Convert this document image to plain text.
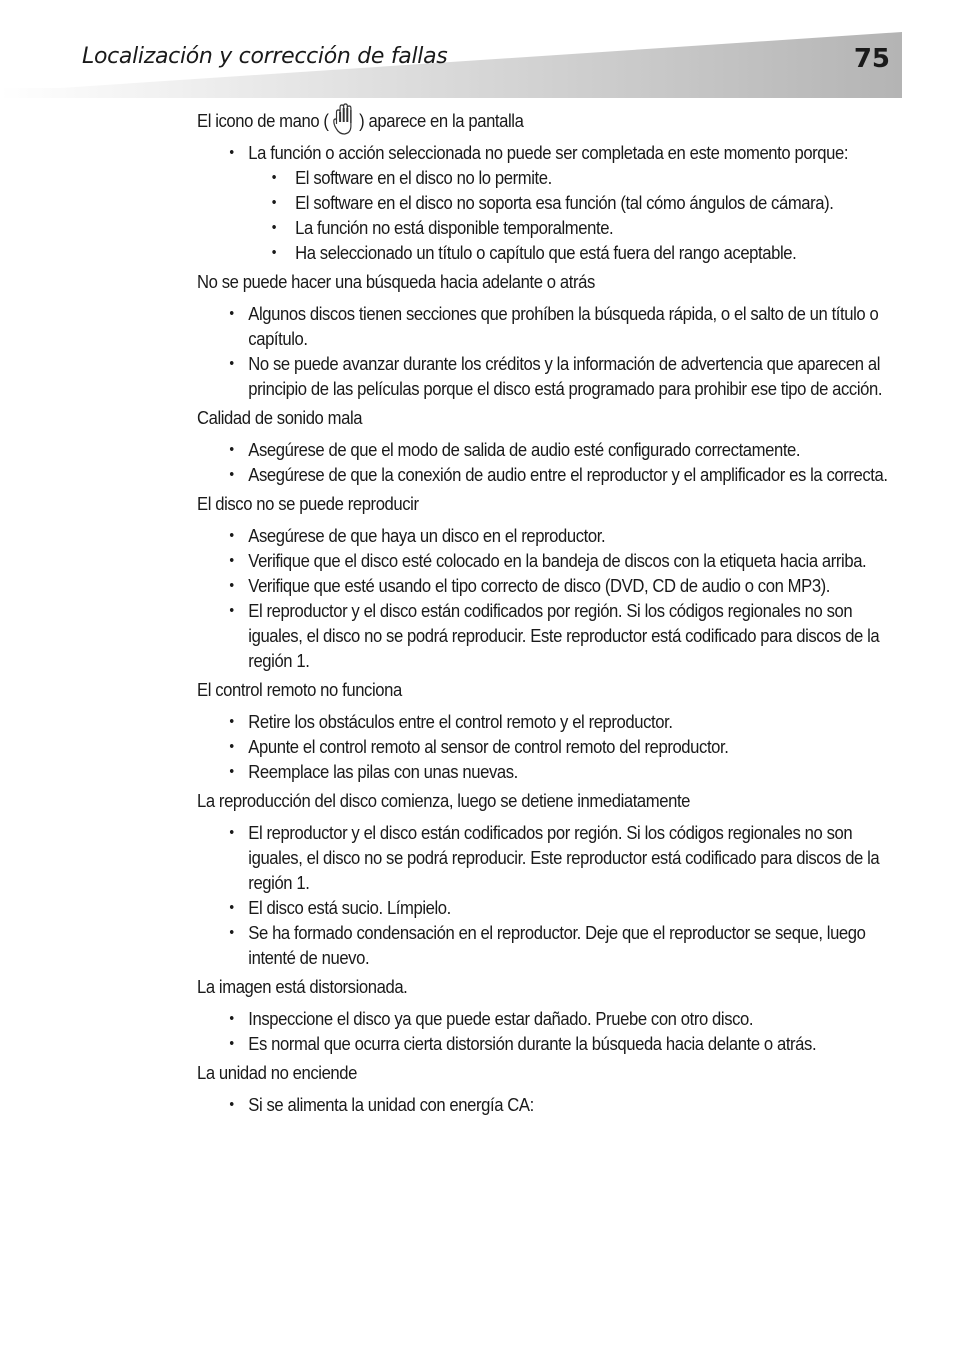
Localización y corrección de fallas	75

El icono de mano ( ) aparece en la pantalla

• La función o acción seleccionada no puede ser completada en este momento porque:
• El software en el disco no lo permite.
• El software en el disco no soporta esa función (tal cómo ángulos de cámara).
• La función no está disponible temporalmente.
• Ha seleccionado un título o capítulo que está fuera del rango aceptable.

No se puede hacer una búsqueda hacia adelante o atrás

• Algunos discos tienen secciones que prohíben la búsqueda rápida, o el salto de un título o capítulo.
• No se puede avanzar durante los créditos y la información de advertencia que aparecen al principio de las películas porque el disco está programado para prohibir ese tipo de acción.

Calidad de sonido mala

• Asegúrese de que el modo de salida de audio esté configurado correctamente.
• Asegúrese de que la conexión de audio entre el reproductor y el amplificador es la correcta.

El disco no se puede reproducir

• Asegúrese de que haya un disco en el reproductor.
• Verifique que el disco esté colocado en la bandeja de discos con la etiqueta hacia arriba.
• Verifique que esté usando el tipo correcto de disco (DVD, CD de audio o con MP3).
• El reproductor y el disco están codificados por región. Si los códigos regionales no son iguales, el disco no se podrá reproducir. Este reproductor está codificado para discos de la región 1.

El control remoto no funciona

• Retire los obstáculos entre el control remoto y el reproductor.
• Apunte el control remoto al sensor de control remoto del reproductor.
• Reemplace las pilas con unas nuevas.

La reproducción del disco comienza, luego se detiene inmediatamente

• El reproductor y el disco están codificados por región. Si los códigos regionales no son iguales, el disco no se podrá reproducir. Este reproductor está codificado para discos de la región 1.
• El disco está sucio. Límpielo.
• Se ha formado condensación en el reproductor. Deje que el reproductor se seque, luego intenté de nuevo.

La imagen está distorsionada.

• Inspeccione el disco ya que puede estar dañado. Pruebe con otro disco.
• Es normal que ocurra cierta distorsión durante la búsqueda hacia delante o atrás.

La unidad no enciende

• Si se alimenta la unidad con energía CA:
